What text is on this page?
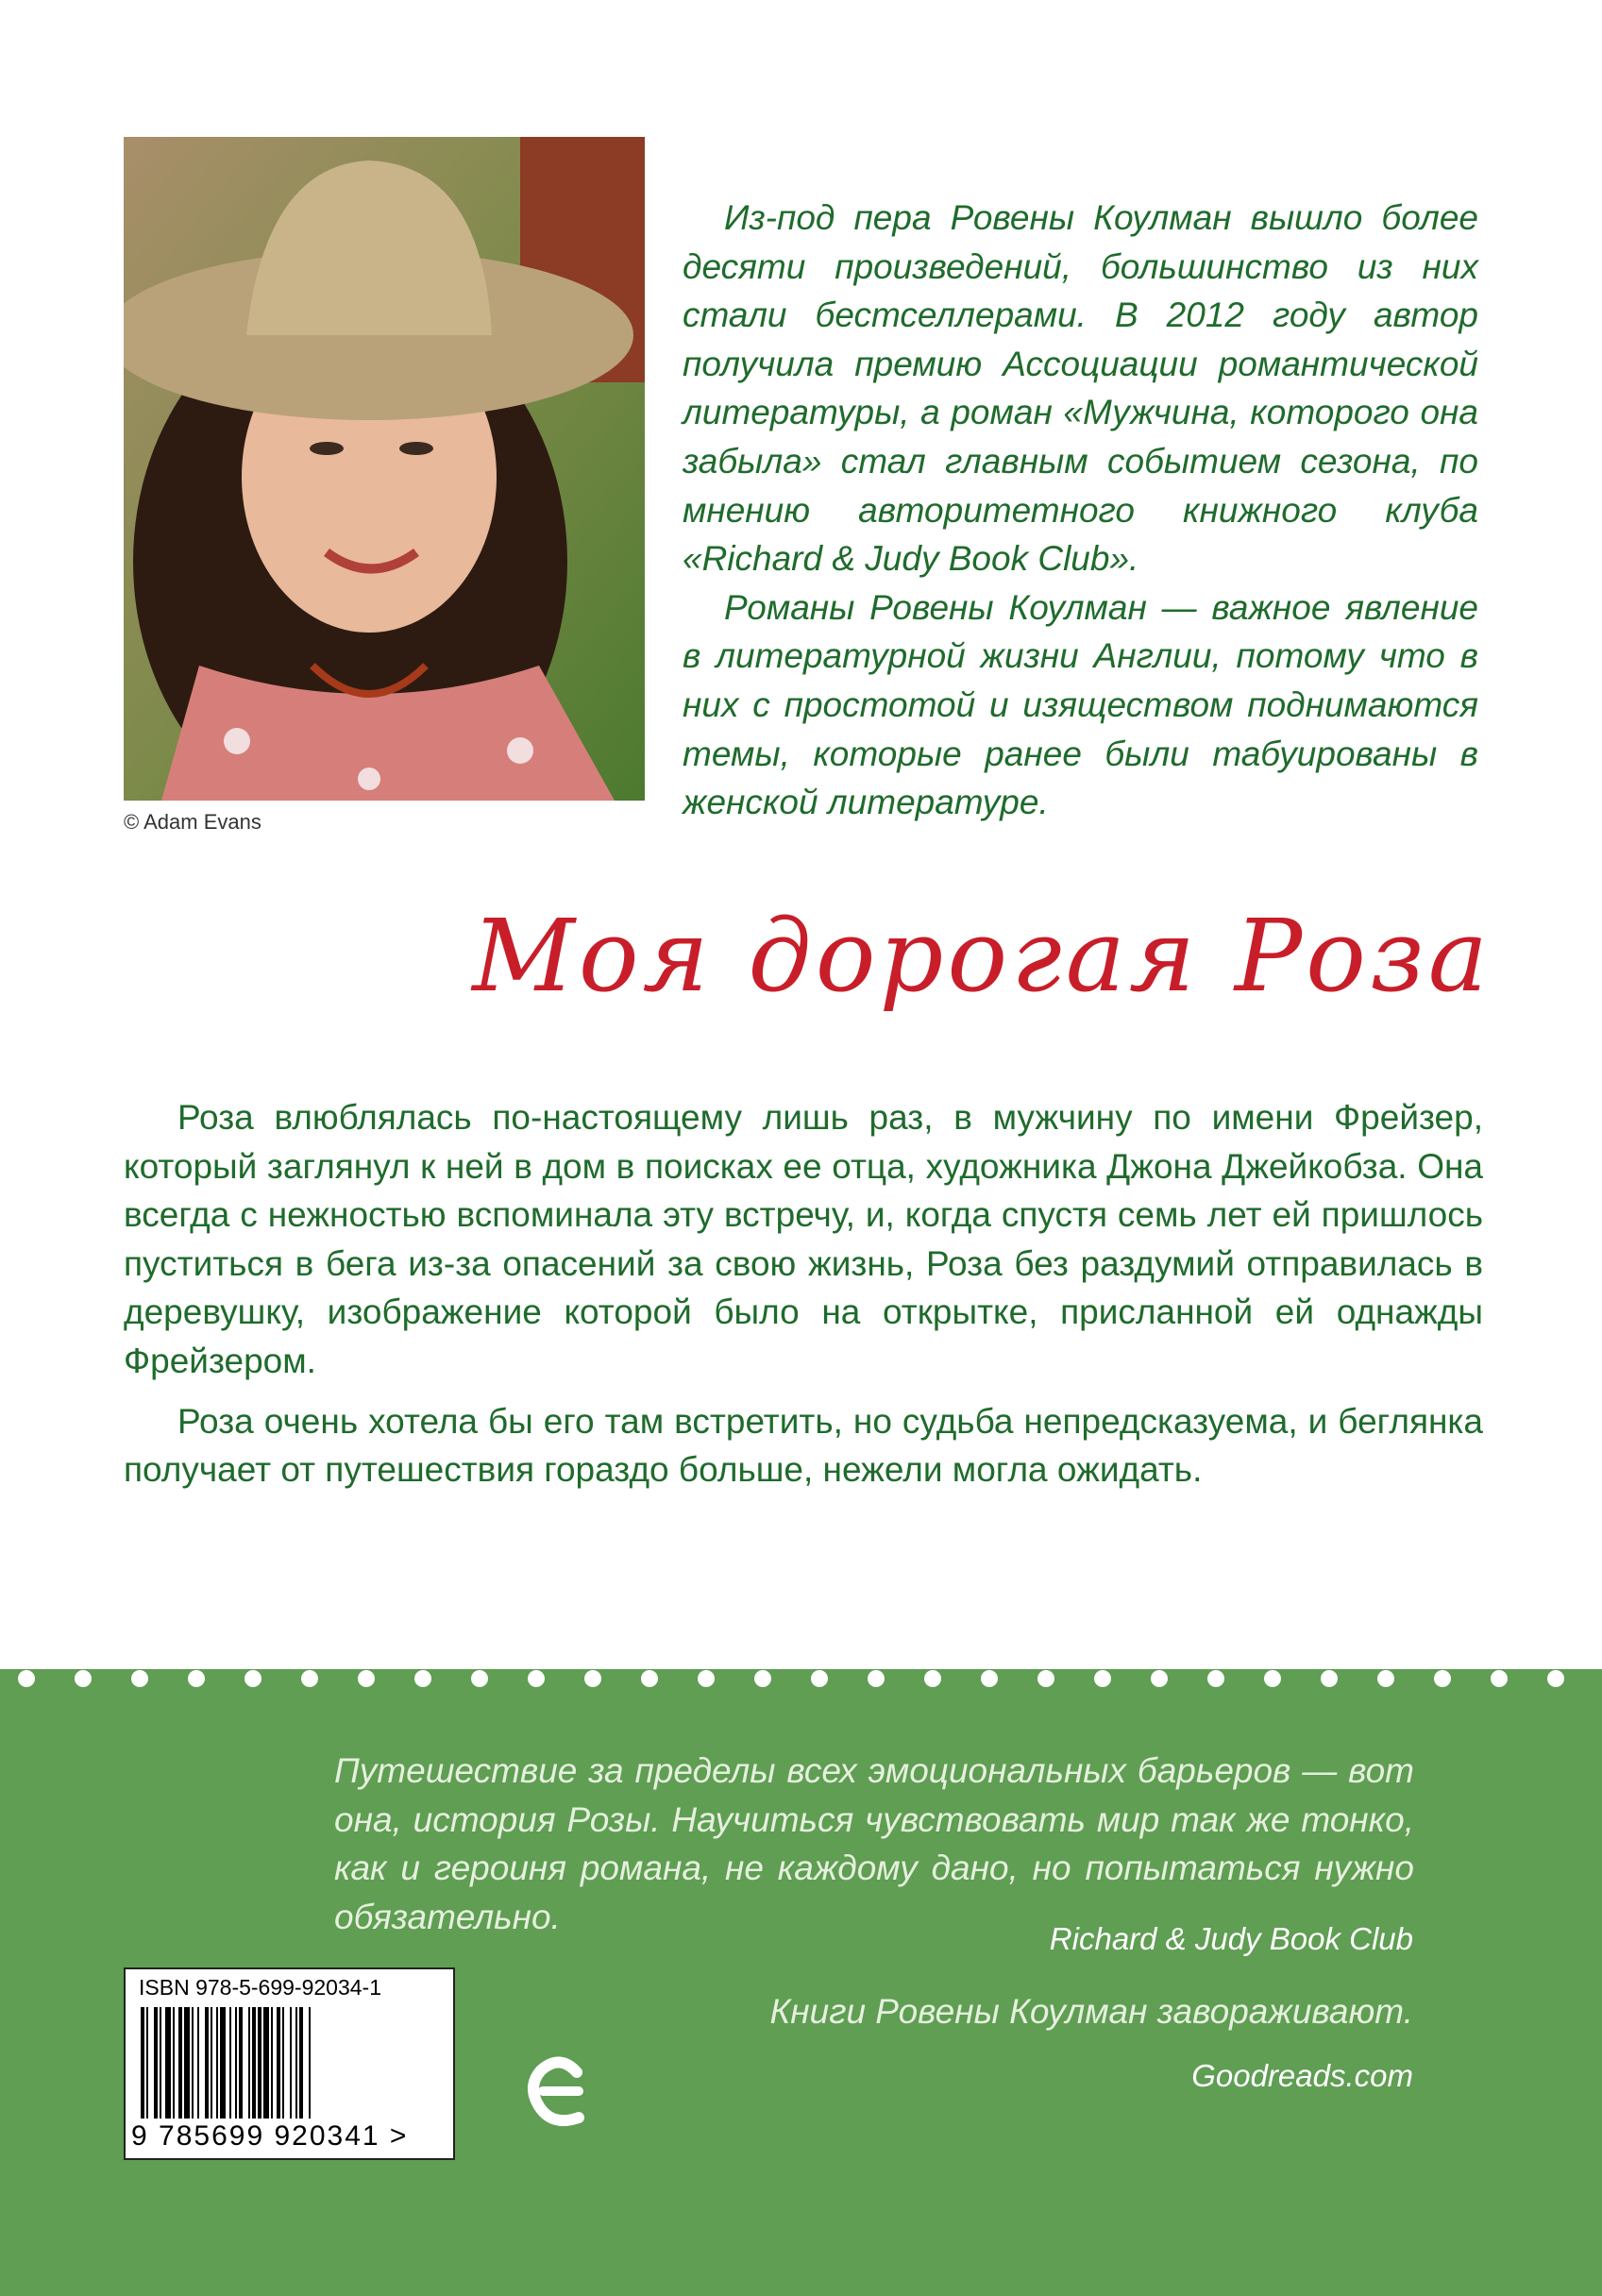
© Adam Evans

Из-под пера Ровены Коулман вышло более десяти произведений, большинство из них стали бестселлерами. В 2012 году автор получила премию Ассоциации романтической литературы, а роман «Мужчина, которого она забыла» стал главным событием сезона, по мнению авторитетного книжного клуба «Richard & Judy Book Club».

Романы Ровены Коулман — важное явление в литературной жизни Англии, потому что в них с простотой и изяществом поднимаются темы, которые ранее были табуированы в женской литературе.

Моя дорогая Роза

Роза влюблялась по-настоящему лишь раз, в мужчину по имени Фрейзер, который заглянул к ней в дом в поисках ее отца, художника Джона Джейкобза. Она всегда с нежностью вспоминала эту встречу, и, когда спустя семь лет ей пришлось пуститься в бега из-за опасений за свою жизнь, Роза без раздумий отправилась в деревушку, изображение которой было на открытке, присланной ей однажды Фрейзером.

Роза очень хотела бы его там встретить, но судьба непредсказуема, и беглянка получает от путешествия гораздо больше, нежели могла ожидать.

Путешествие за пределы всех эмоциональных барьеров — вот она, история Розы. Научиться чувствовать мир так же тонко, как и героиня романа, не каждому дано, но попытаться нужно обязательно.

Richard & Judy Book Club
Книги Ровены Коулман завораживают.
Goodreads.com
ISBN 978-5-699-92034-1
9 785699 920341 >
